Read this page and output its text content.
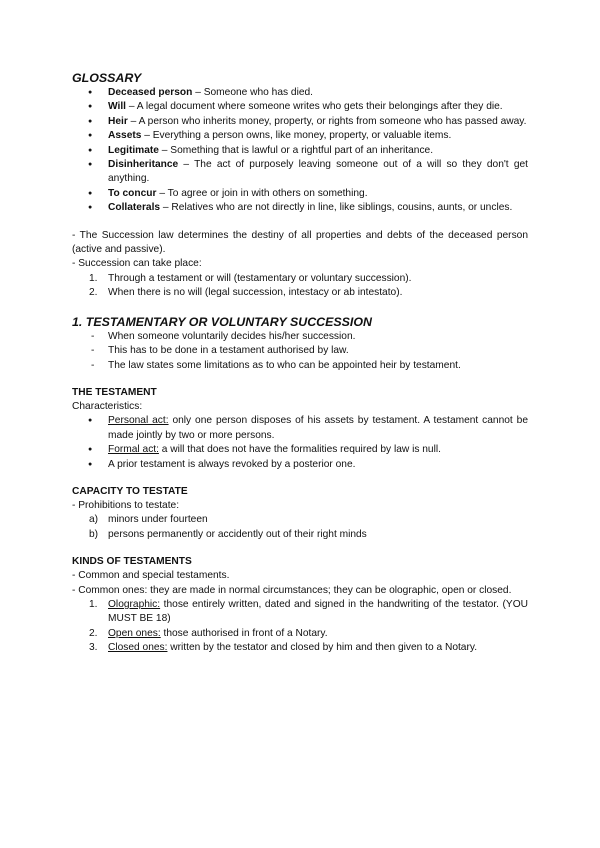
GLOSSARY
● Deceased person – Someone who has died.
● Will – A legal document where someone writes who gets their belongings after they die.
● Heir – A person who inherits money, property, or rights from someone who has passed away.
● Assets – Everything a person owns, like money, property, or valuable items.
● Legitimate – Something that is lawful or a rightful part of an inheritance.
● Disinheritance – The act of purposely leaving someone out of a will so they don't get anything.
● To concur – To agree or join in with others on something.
● Collaterals – Relatives who are not directly in line, like siblings, cousins, aunts, or uncles.

- The Succession law determines the destiny of all properties and debts of the deceased person (active and passive).

- Succession can take place:

1. Through a testament or will (testamentary or voluntary succession).
2. When there is no will (legal succession, intestacy or ab intestato).
1. TESTAMENTARY OR VOLUNTARY SUCCESSION
- When someone voluntarily decides his/her succession.
- This has to be done in a testament authorised by law.
- The law states some limitations as to who can be appointed heir by testament.
THE TESTAMENT

Characteristics:

● Personal act: only one person disposes of his assets by testament. A testament cannot be made jointly by two or more persons.
● Formal act: a will that does not have the formalities required by law is null.
● A prior testament is always revoked by a posterior one.
CAPACITY TO TESTATE

- Prohibitions to testate:

a) minors under fourteen
b) persons permanently or accidently out of their right minds
KINDS OF TESTAMENTS

- Common and special testaments.

- Common ones: they are made in normal circumstances; they can be olographic, open or closed.

1. Olographic: those entirely written, dated and signed in the handwriting of the testator. (YOU MUST BE 18)
2. Open ones: those authorised in front of a Notary.
3. Closed ones: written by the testator and closed by him and then given to a Notary.
